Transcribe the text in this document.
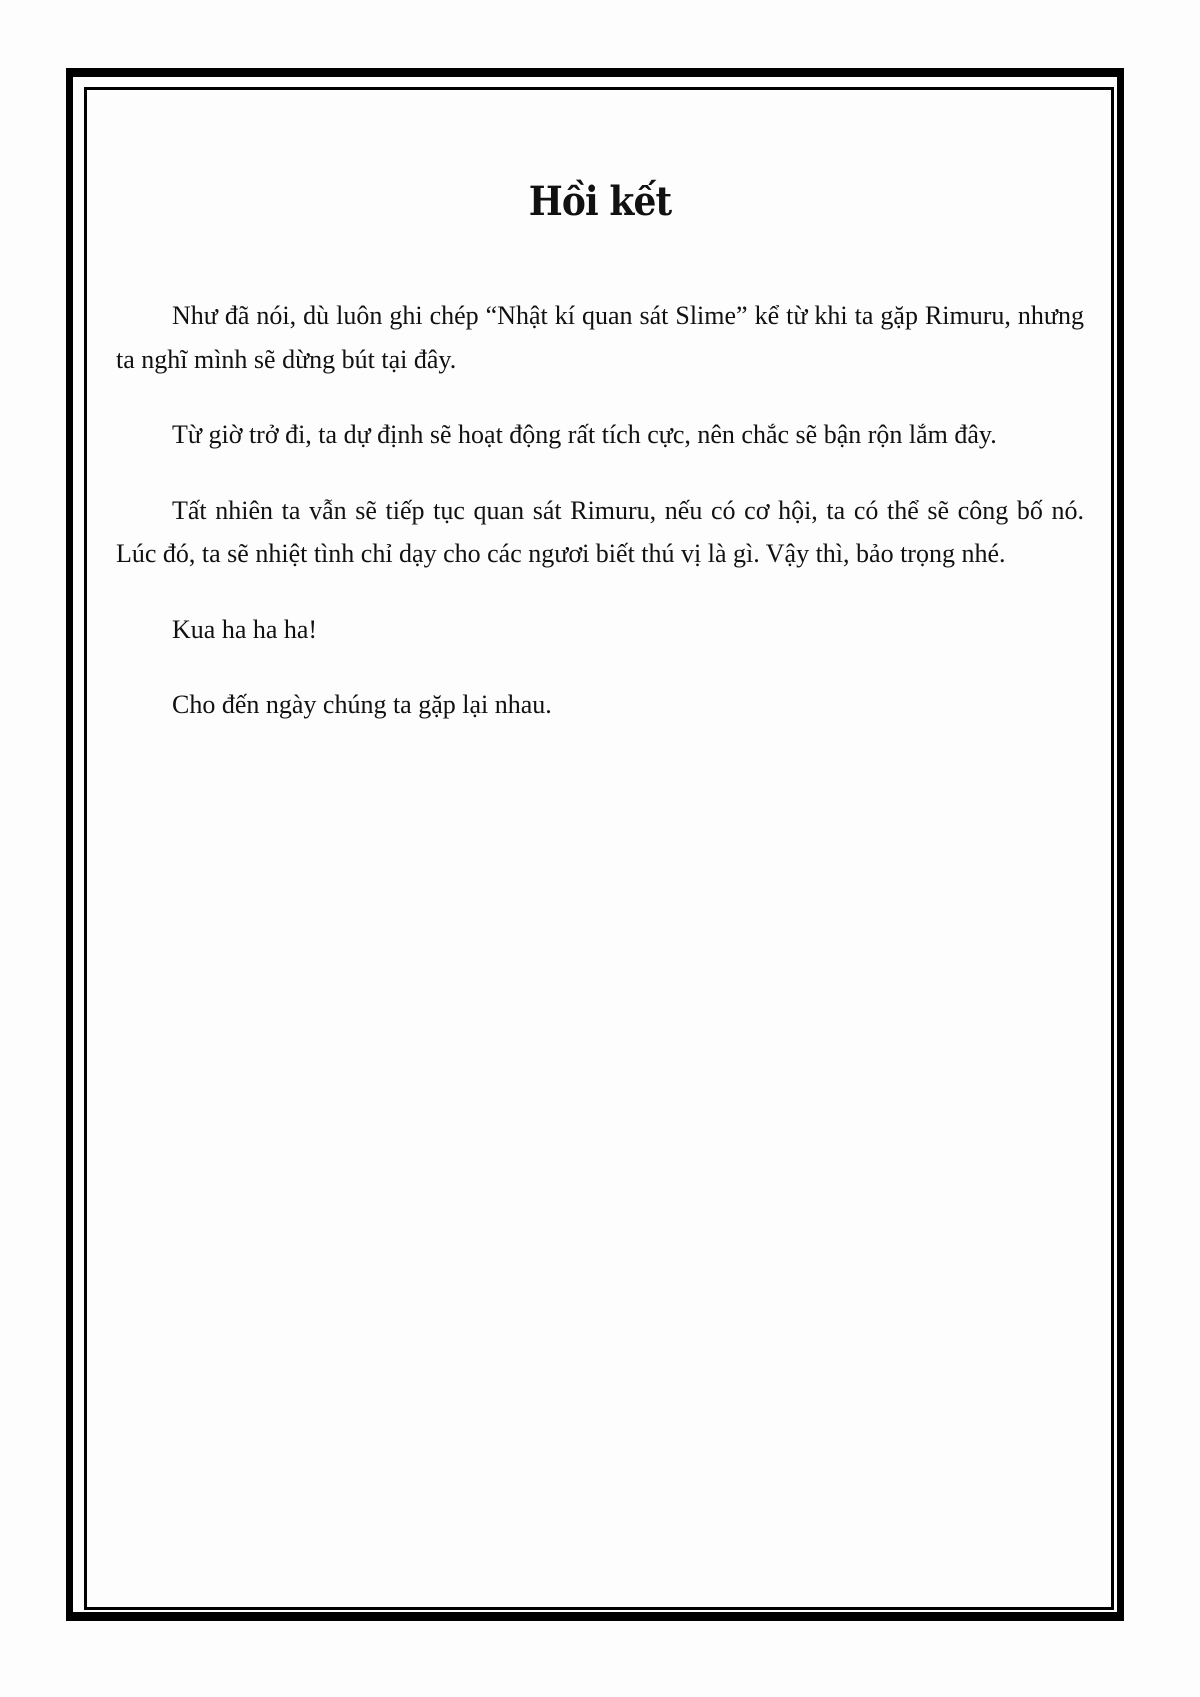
Hồi kết

Như đã nói, dù luôn ghi chép “Nhật kí quan sát Slime” kể từ khi ta gặp Rimuru, nhưng ta nghĩ mình sẽ dừng bút tại đây.

Từ giờ trở đi, ta dự định sẽ hoạt động rất tích cực, nên chắc sẽ bận rộn lắm đây.

Tất nhiên ta vẫn sẽ tiếp tục quan sát Rimuru, nếu có cơ hội, ta có thể sẽ công bố nó. Lúc đó, ta sẽ nhiệt tình chỉ dạy cho các ngươi biết thú vị là gì. Vậy thì, bảo trọng nhé.

Kua ha ha ha!

Cho đến ngày chúng ta gặp lại nhau.
